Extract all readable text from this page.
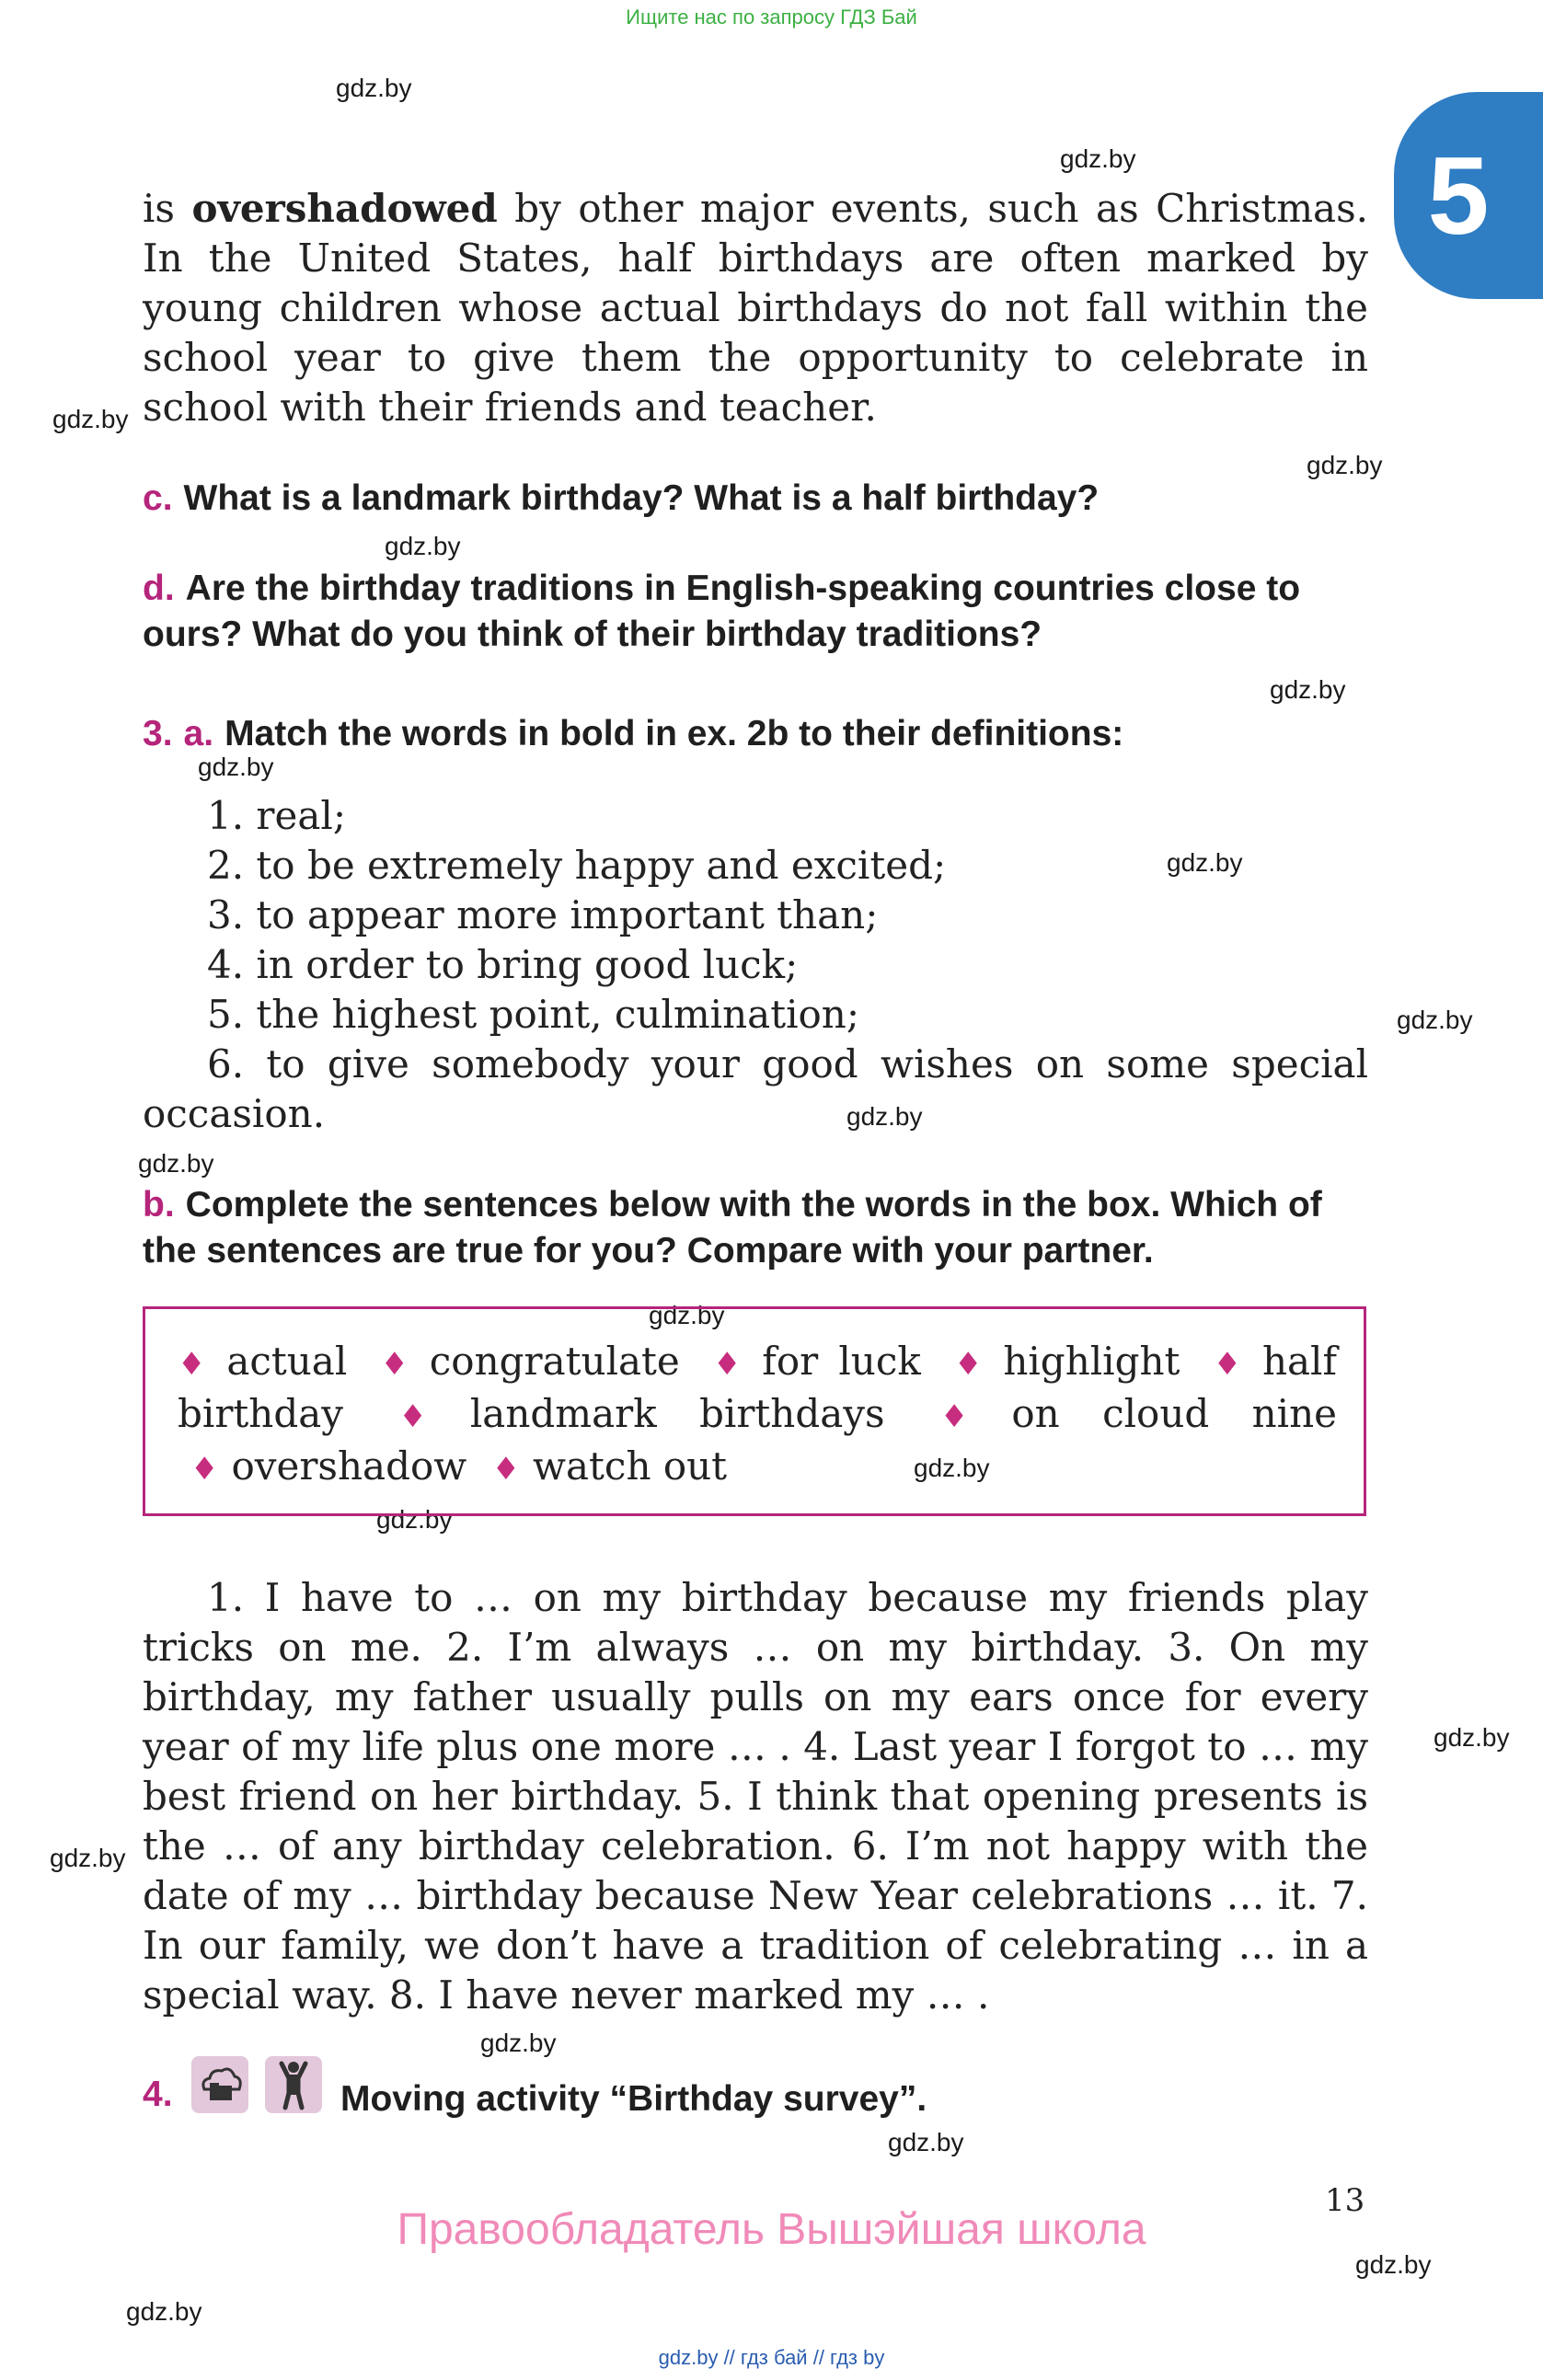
Ищите нас по запросу ГДЗ Бай
5
gdz.by
gdz.by
gdz.by
gdz.by
gdz.by
gdz.by
gdz.by
gdz.by
gdz.by
gdz.by
gdz.by
gdz.by
gdz.by
gdz.by
gdz.by
gdz.by
gdz.by
gdz.by
gdz.by
gdz.by
is overshadowed by other major events, such as Christmas. In the United States, half birthdays are often marked by young children whose actual birthdays do not fall within the school year to give them the opportunity to celebrate in school with their friends and teacher.
c. What is a landmark birthday? What is a half birthday?
d. Are the birthday traditions in English-speaking countries close to ours? What do you think of their birthday traditions?
3. a. Match the words in bold in ex. 2b to their definitions:
1. real;
2. to be extremely happy and excited;
3. to appear more important than;
4. in order to bring good luck;
5. the highest point, culmination;
6. to give somebody your good wishes on some special occasion.
b. Complete the sentences below with the words in the box. Which of the sentences are true for you? Compare with your partner.
♦ actual ♦ congratulate ♦ for luck ♦ highlight ♦ half birthday ♦ landmark birthdays ♦ on cloud nine ♦ overshadow ♦ watch out
1. I have to … on my birthday because my friends play tricks on me. 2. I’m always … on my birthday. 3. On my birthday, my father usually pulls on my ears once for every year of my life plus one more … . 4. Last year I forgot to … my best friend on her birthday. 5. I think that opening presents is the … of any birthday celebration. 6. I’m not happy with the date of my … birthday because New Year celebrations … it. 7. In our family, we don’t have a tradition of celebrating … in a special way. 8. I have never marked my … .
4.	Moving activity “Birthday survey”.
13
Правообладатель Вышэйшая школа
gdz.by // гдз бай // гдз by
